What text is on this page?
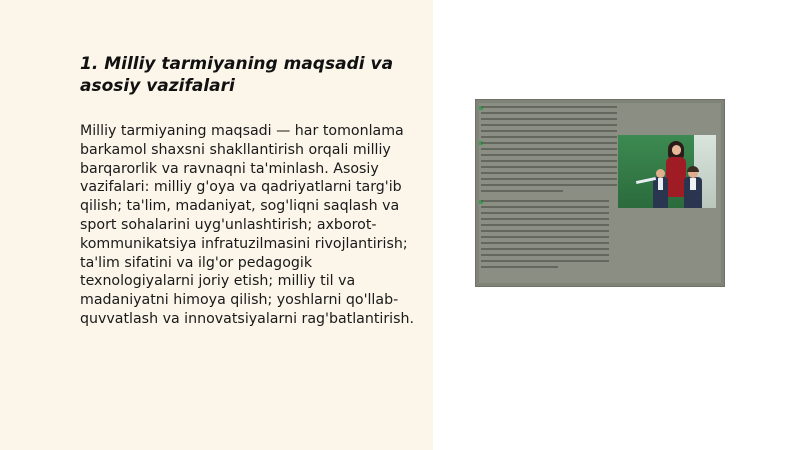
1. Milliy tarmiyaning maqsadi va asosiy vazifalari

Milliy tarmiyaning maqsadi — har tomonlama barkamol shaxsni shakllantirish orqali milliy barqarorlik va ravnaqni ta'minlash. Asosiy vazifalari: milliy g'oya va qadriyatlarni targ'ib qilish; ta'lim, madaniyat, sog'liqni saqlash va sport sohalarini uyg'unlashtirish; axborot-kommunikatsiya infratuzilmasini rivojlantirish; ta'lim sifatini va ilg'or pedagogik texnologiyalarni joriy etish; milliy til va madaniyatni himoya qilish; yoshlarni qo'llab-quvvatlash va innovatsiyalarni rag'batlantirish.
